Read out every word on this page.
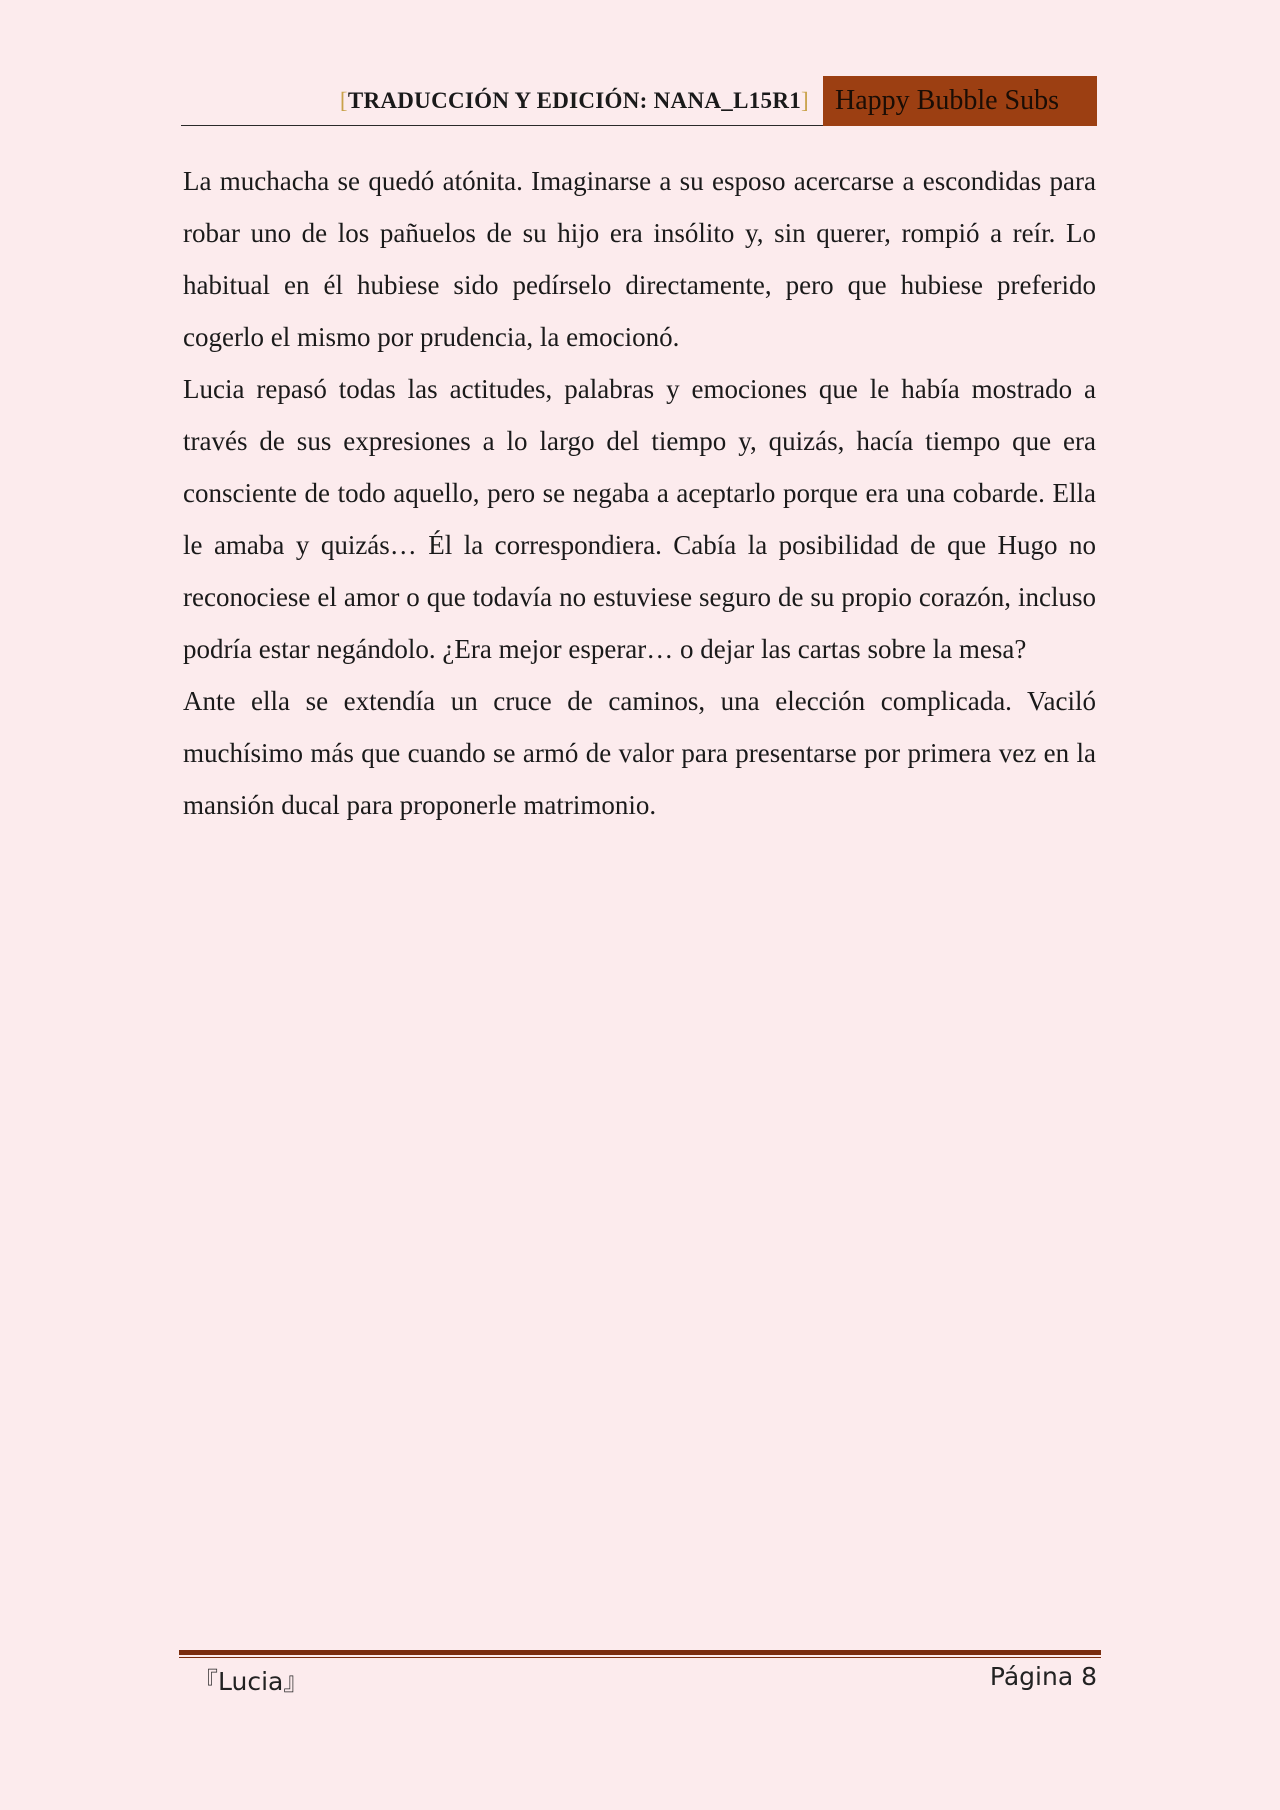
[TRADUCCIÓN Y EDICIÓN: NANA_L15R1] Happy Bubble Subs

La muchacha se quedó atónita. Imaginarse a su esposo acercarse a escondidas para robar uno de los pañuelos de su hijo era insólito y, sin querer, rompió a reír. Lo habitual en él hubiese sido pedírselo directamente, pero que hubiese preferido cogerlo el mismo por prudencia, la emocionó.

Lucia repasó todas las actitudes, palabras y emociones que le había mostrado a través de sus expresiones a lo largo del tiempo y, quizás, hacía tiempo que era consciente de todo aquello, pero se negaba a aceptarlo porque era una cobarde. Ella le amaba y quizás… Él la correspondiera. Cabía la posibilidad de que Hugo no reconociese el amor o que todavía no estuviese seguro de su propio corazón, incluso podría estar negándolo. ¿Era mejor esperar… o dejar las cartas sobre la mesa?

Ante ella se extendía un cruce de caminos, una elección complicada. Vaciló muchísimo más que cuando se armó de valor para presentarse por primera vez en la mansión ducal para proponerle matrimonio.

『Lucia』	Página 8
